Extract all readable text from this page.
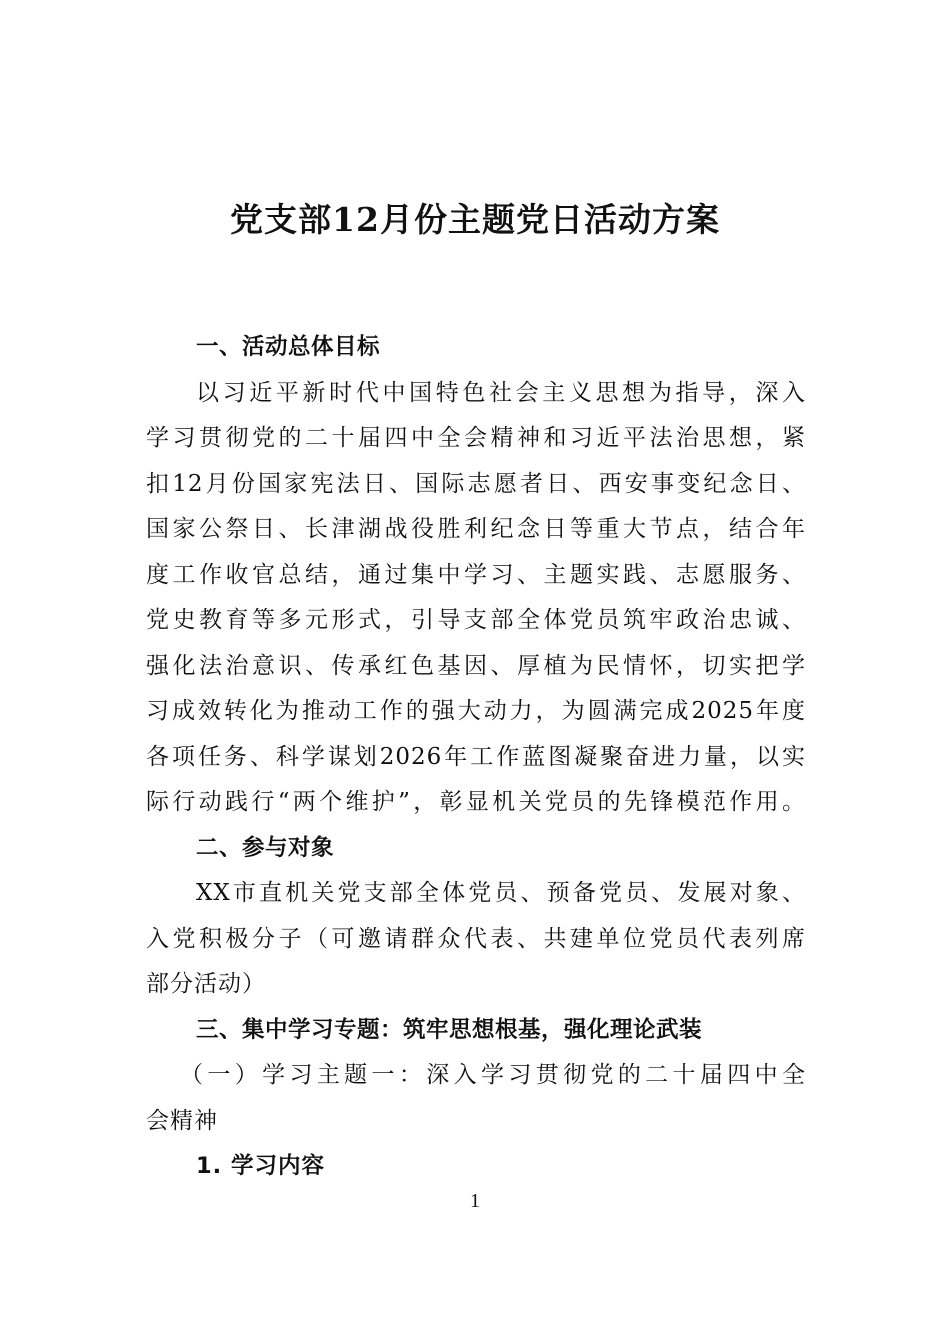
党支部12月份主题党日活动方案
一、活动总体目标
以习近平新时代中国特色社会主义思想为指导，深入
学习贯彻党的二十届四中全会精神和习近平法治思想，紧
扣12月份国家宪法日、国际志愿者日、西安事变纪念日、
国家公祭日、长津湖战役胜利纪念日等重大节点，结合年
度工作收官总结，通过集中学习、主题实践、志愿服务、
党史教育等多元形式，引导支部全体党员筑牢政治忠诚、
强化法治意识、传承红色基因、厚植为民情怀，切实把学
习成效转化为推动工作的强大动力，为圆满完成2025年度
各项任务、科学谋划2026年工作蓝图凝聚奋进力量，以实
际行动践行“两个维护”，彰显机关党员的先锋模范作用。
二、参与对象
XX市直机关党支部全体党员、预备党员、发展对象、
入党积极分子（可邀请群众代表、共建单位党员代表列席
部分活动）
三、集中学习专题：筑牢思想根基，强化理论武装
（一）学习主题一：深入学习贯彻党的二十届四中全
会精神
1. 学习内容
1
